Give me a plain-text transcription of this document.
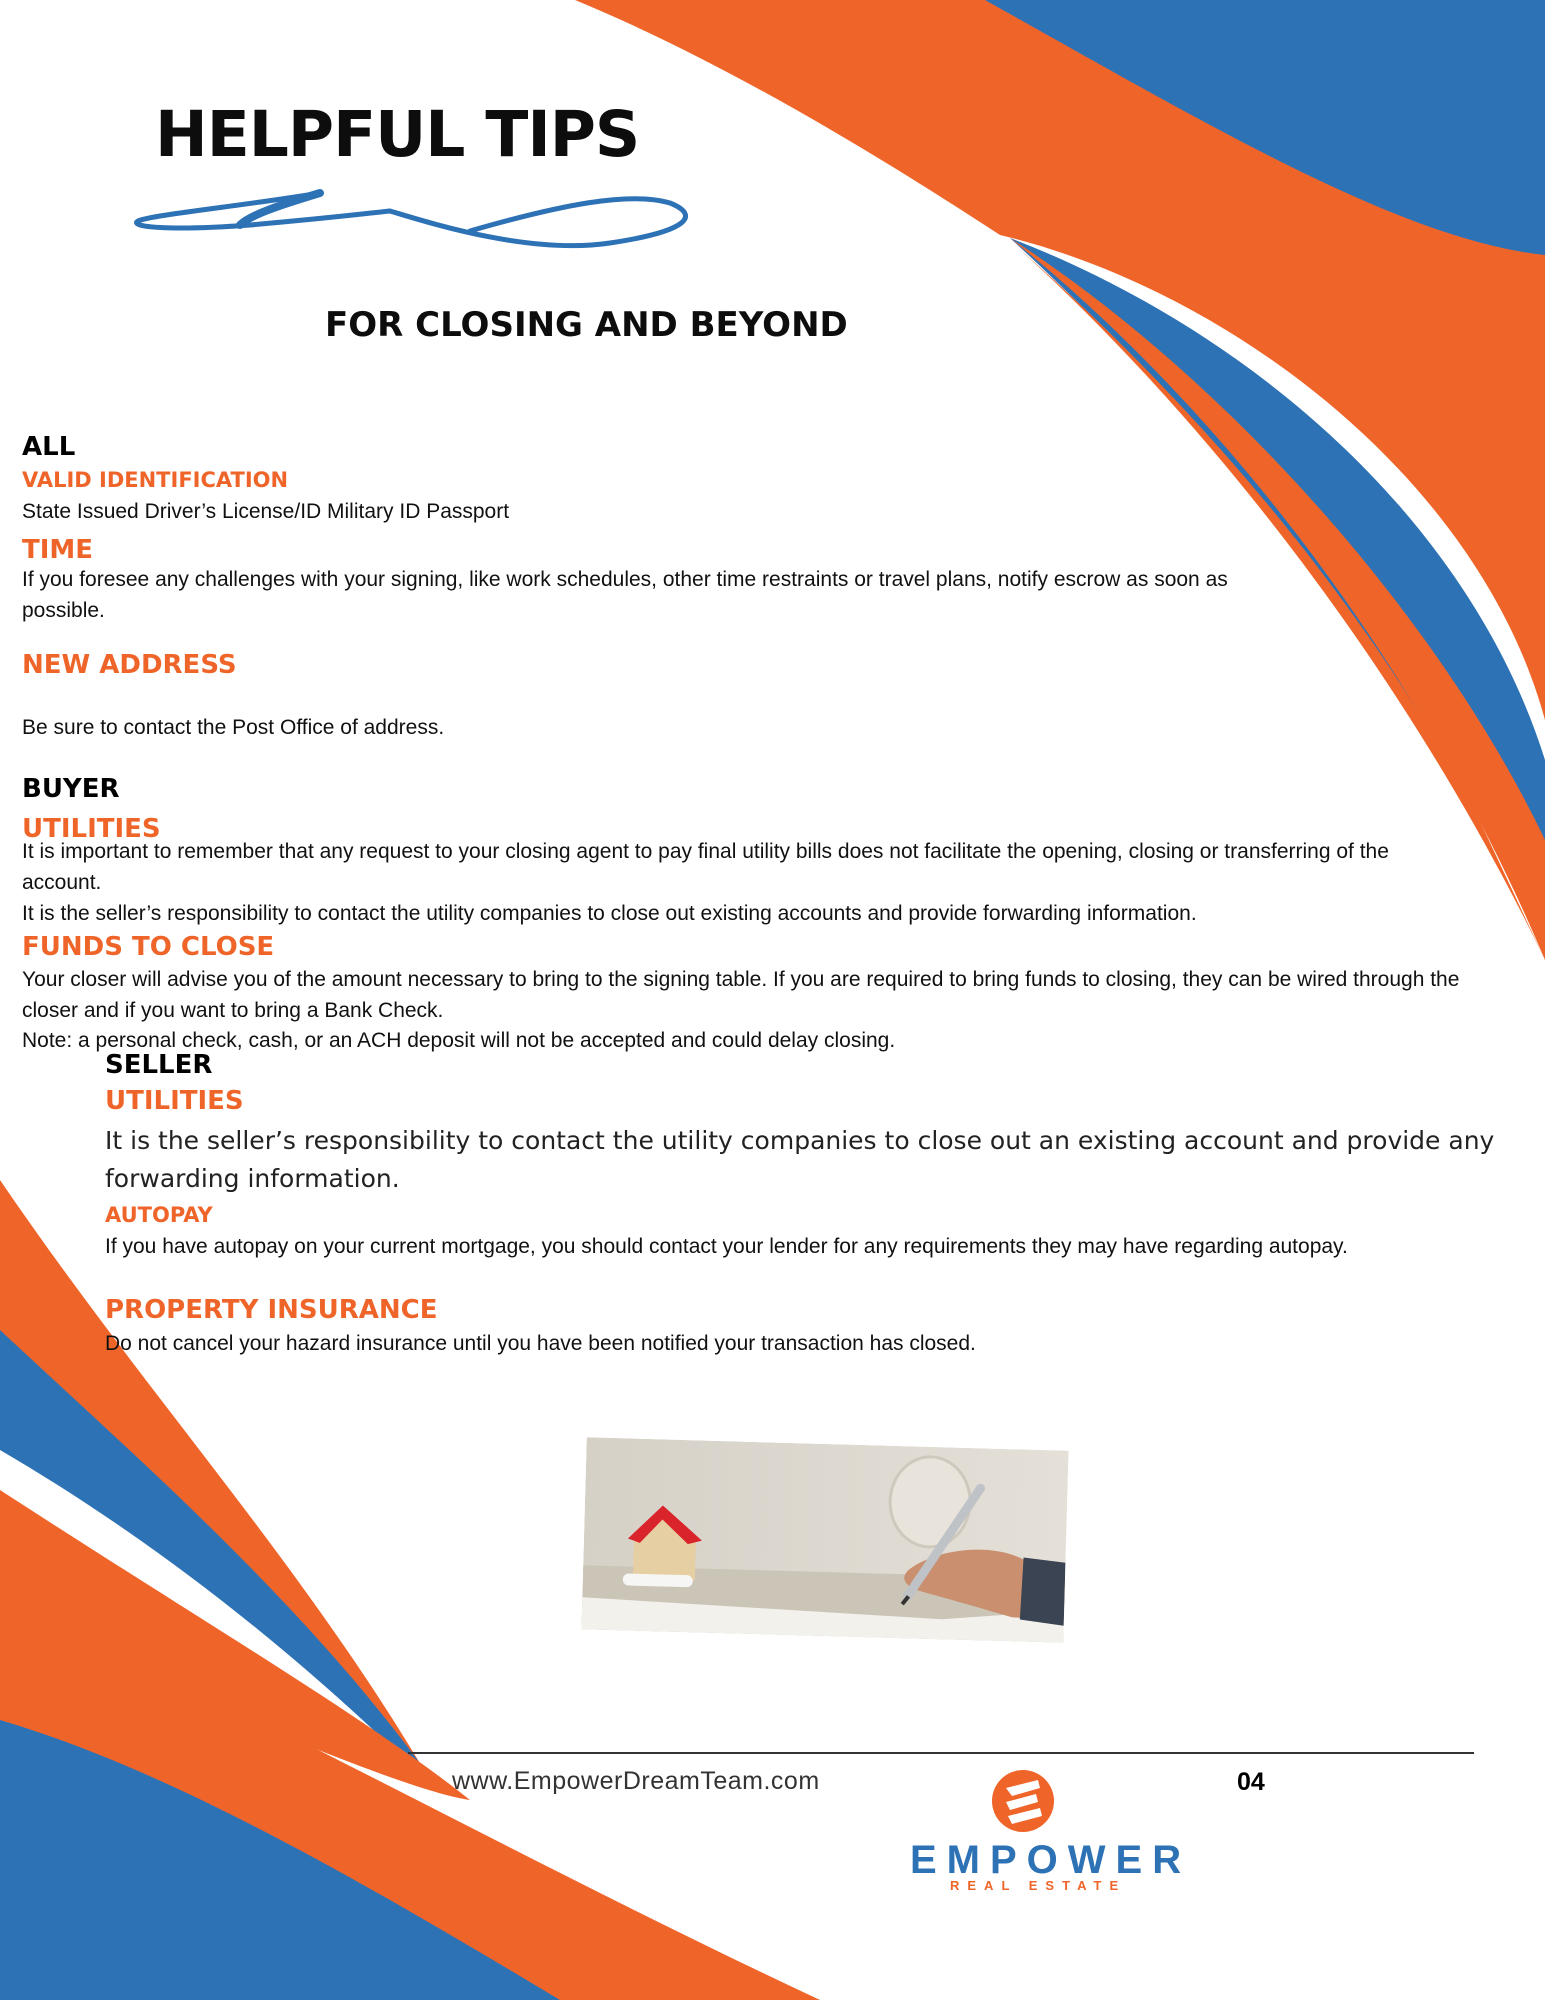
HELPFUL TIPS
FOR CLOSING AND BEYOND
ALL
VALID IDENTIFICATION
State Issued Driver’s License/ID Military ID Passport
TIME
If you foresee any challenges with your signing, like work schedules, other time restraints or travel plans, notify escrow as soon as possible.
NEW ADDRESS
Be sure to contact the Post Office of address.
BUYER
UTILITIES
It is important to remember that any request to your closing agent to pay final utility bills does not facilitate the opening, closing or transferring of the account.
It is the seller’s responsibility to contact the utility companies to close out existing accounts and provide forwarding information.
FUNDS TO CLOSE
Your closer will advise you of the amount necessary to bring to the signing table. If you are required to bring funds to closing, they can be wired through the closer and if you want to bring a Bank Check.
Note: a personal check, cash, or an ACH deposit will not be accepted and could delay closing.
SELLER
UTILITIES
It is the seller’s responsibility to contact the utility companies to close out an existing account and provide any forwarding information.
AUTOPAY
If you have autopay on your current mortgage, you should contact your lender for any requirements they may have regarding autopay.
PROPERTY INSURANCE
Do not cancel your hazard insurance until you have been notified your transaction has closed.
www.EmpowerDreamTeam.com	04
EMPOWER
REAL ESTATE
